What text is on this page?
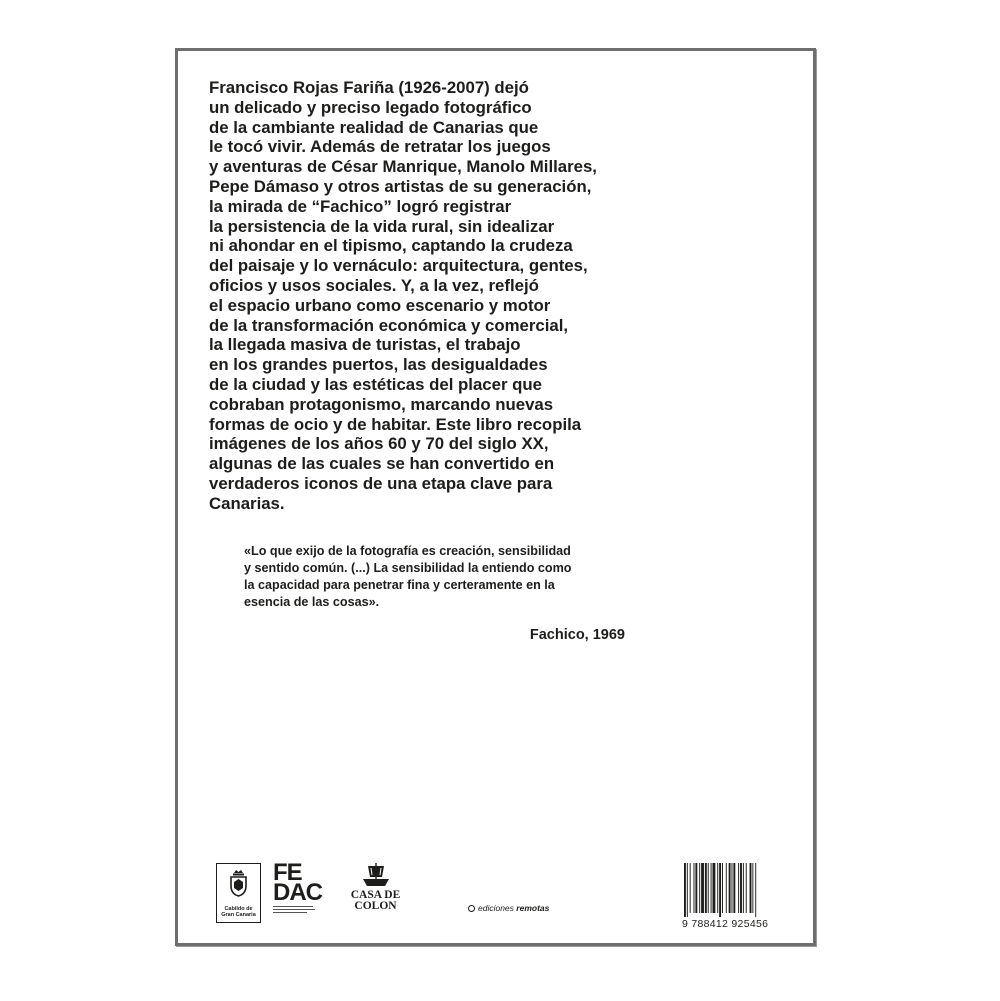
Francisco Rojas Fariña (1926-2007) dejó
un delicado y preciso legado fotográfico
de la cambiante realidad de Canarias que
le tocó vivir. Además de retratar los juegos
y aventuras de César Manrique, Manolo Millares,
Pepe Dámaso y otros artistas de su generación,
la mirada de “Fachico” logró registrar
la persistencia de la vida rural, sin idealizar
ni ahondar en el tipismo, captando la crudeza
del paisaje y lo vernáculo: arquitectura, gentes,
oficios y usos sociales. Y, a la vez, reflejó
el espacio urbano como escenario y motor
de la transformación económica y comercial,
la llegada masiva de turistas, el trabajo
en los grandes puertos, las desigualdades
de la ciudad y las estéticas del placer que
cobraban protagonismo, marcando nuevas
formas de ocio y de habitar. Este libro recopila
imágenes de los años 60 y 70 del siglo XX,
algunas de las cuales se han convertido en
verdaderos iconos de una etapa clave para
Canarias.

«Lo que exijo de la fotografía es creación, sensibilidad
y sentido común. (...) La sensibilidad la entiendo como
la capacidad para penetrar fina y certeramente en la
esencia de las cosas».

Fachico, 1969

Cabildo de
Gran Canaria
FE
DAC	CASA DE
COLON	ediciones remotas
9 788412 925456
